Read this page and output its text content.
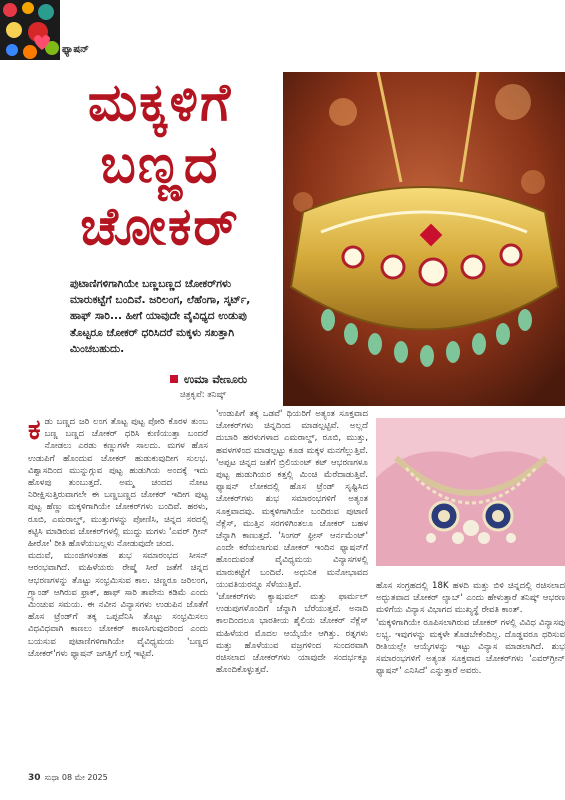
ಫ್ಯಾಷನ್
ಮಕ್ಕಳಿಗೆ
ಬಣ್ಣದ
ಚೋಕರ್
ಪುಟಾಣಿಗಳಿಗಾಗಿಯೇ ಬಣ್ಣಬಣ್ಣದ ಚೋಕರ್‌ಗಳು ಮಾರುಕಟ್ಟೆಗೆ ಬಂದಿವೆ. ಜರಿಲಂಗ, ಲೆಹೆಂಗಾ, ಸ್ಕರ್ಟ್, ಹಾಫ್ ಸಾರಿ... ಹೀಗೆ ಯಾವುದೇ ವೈವಿಧ್ಯದ ಉಡುಪು ತೊಟ್ಟರೂ ಚೋಕರ್ ಧರಿಸಿದರೆ ಮಕ್ಕಳು ಸಖತ್ತಾಗಿ ಮಿಂಚಬಹುದು.
ಉಮಾ ವೇಣೂರು
ಚಿತ್ರಕೃಪೆ: ತನಿಷ್ಕ್

ಕಡು ಬಣ್ಣದ ಜರಿ ಲಂಗ ತೊಟ್ಟ ಪುಟ್ಟ ಪೋರಿ ಕೊರಳ ತುಂಬ ಬಣ್ಣ ಬಣ್ಣದ ಚೋಕರ್ ಧರಿಸಿ ಕುಣಿಯುತ್ತಾ ಬಂದರೆ ನೋಡಲು ಎರಡು ಕಣ್ಣುಗಳೇ ಸಾಲದು. ಮಗಳ ಹೊಸ ಉಡುಪಿಗೆ ಹೊಂದುವ ಚೋಕರ್ ಹುಡುಕುವುದೀಗ ಸುಲಭ. ವಿಶ್ವಾಸದಿಂದ ಮುನ್ನುಗ್ಗುವ ಪುಟ್ಟ ಹುಡುಗಿಯ ಅಂದಕ್ಕೆ ಇದು ಹೊಳಪು ತುಂಬುತ್ತದೆ. ಅಮ್ಮ ಚಂದದ ನೋಟ ನಿರೀಕ್ಷಿಸುತ್ತಿರುವಾಗಲೇ ಈ ಬಣ್ಣಬಣ್ಣದ ಚೋಕರ್ ಇದೀಗ ಪುಟ್ಟ ಪುಟ್ಟ ಹೆಣ್ಣು ಮಕ್ಕಳಿಗಾಗಿಯೇ ಚೋಕರ್‌ಗಳು ಬಂದಿವೆ. ಹರಳು, ರೂಬಿ, ಎಮರಾಲ್ಡ್, ಮುತ್ತುಗಳನ್ನು ಪೋಣಿಸಿ, ಚಿನ್ನದ ಸರದಲ್ಲಿ ಕಟ್ಟಿಸಿ ಮಾಡಿರುವ ಚೋಕರ್‌ಗಳಲ್ಲಿ ಮುದ್ದು ಮಗಳು 'ಎವರ್ ಗ್ರೀನ್ ಹೀರೋ' ರೀತಿ ಹೊಳೆಯಬಲ್ಲಳು ನೋಡುವುದೇ ಚಂದ.

ಮದುವೆ, ಮುಂಜಿಗಳಂತಹ ಶುಭ ಸಮಾರಂಭದ ಸೀಸನ್ ಆರಂಭವಾಗಿದೆ. ಮಹಿಳೆಯರು ರೇಷ್ಮೆ ಸೀರೆ ಜತೆಗೆ ಚಿನ್ನದ ಆಭರಣಗಳನ್ನು ತೊಟ್ಟು ಸಂಭ್ರಮಿಸುವ ಕಾಲ. ಚಿಣ್ಣರೂ ಜರಿಲಂಗ, ಗ್ರ್ಯಾಂಡ್ ಆಗಿರುವ ಫ್ರಾಕ್, ಹಾಫ್ ಸಾರಿ ತಾವೇನು ಕಡಿಮೆ ಎಂದು ಮಿಂಚುವ ಸಮಯ. ಈ ನವೀನ ವಿನ್ಯಾಸಗಳು ಉಡುಪಿನ ಜೊತೆಗೆ ಹೊಸ ಟ್ರೆಂಡ್‌ಗೆ ತಕ್ಕ ಒಪ್ಪವೆನಿಸಿ ತೊಟ್ಟು ಸಂಭ್ರಮಿಸಲು ವಿಧವಿಧವಾಗಿ ಕಾಣಲು ಚೋಕರ್ ಕಾಣಸಿಗುವುದರಿಂದ ಎಂದು ಬಯಸುವ ಪುಟಾಣಿಗಳಿಗಾಗಿಯೇ ವೈವಿಧ್ಯಮಯ 'ಬಣ್ಣದ ಚೋಕರ್'ಗಳು ಫ್ಯಾಷನ್ ಜಗತ್ತಿಗೆ ಲಗ್ಗೆ ಇಟ್ಟಿವೆ.

'ಉಡುಪಿಗೆ ತಕ್ಕ ಒಡವೆ' ಥಿಯರಿಗೆ ಅತ್ಯಂತ ಸೂಕ್ತವಾದ ಚೋಕರ್‌ಗಳು ಚಿನ್ನದಿಂದ ಮಾಡಲ್ಪಟ್ಟಿವೆ. ಅಲ್ಲದೆ ದುಬಾರಿ ಹರಳುಗಳಾದ ಎಮರಾಲ್ಡ್, ರೂಬಿ, ಮುತ್ತು, ಹವಳಗಳಿಂದ ಮಾಡಲ್ಪಟ್ಟು ಕೂಡ ಮಕ್ಕಳ ಮನಗೆಲ್ಲುತ್ತಿವೆ. 'ಅಪ್ಪಟ ಚಿನ್ನದ ಜತೆಗೆ ಬ್ರಿಲಿಯಂಟ್ ಕಟ್ ಆಭರಣಗಳೂ ಪುಟ್ಟ ಹುಡುಗಿಯರ ಕತ್ತಲ್ಲಿ ಮಿಂಚಿ ಮೆರೆದಾಡುತ್ತಿವೆ. ಫ್ಯಾಷನ್ ಲೋಕದಲ್ಲಿ ಹೊಸ ಟ್ರೆಂಡ್ ಸೃಷ್ಟಿಸಿದ ಚೋಕರ್‌ಗಳು ಶುಭ ಸಮಾರಂಭಗಳಿಗೆ ಅತ್ಯಂತ ಸೂಕ್ತವಾದವು. ಮಕ್ಕಳಿಗಾಗಿಯೇ ಬಂದಿರುವ ಪುಟಾಣಿ ನೆಕ್ಲೆಸ್, ಮುತ್ತಿನ ಸರಗಳಿಗಿಂತಲೂ ಚೋಕರ್ ಬಹಳ ಚೆನ್ನಾಗಿ ಕಾಣುತ್ತದೆ. 'ಸಿಂಗರ್ ಫ್ರೀಸ್ ಆರ್ನಮೆಂಟ್' ಎಂದೇ ಕರೆಯಲಾಗುವ ಚೋಕರ್ ಇಂದಿನ ಫ್ಯಾಷನ್‌ಗೆ ಹೊಂದುವಂತೆ ವೈವಿಧ್ಯಮಯ ವಿನ್ಯಾಸಗಳಲ್ಲಿ ಮಾರುಕಟ್ಟೆಗೆ ಬಂದಿವೆ. ಅಧುನಿಕ ಮನೋಭಾವದ ಯುವತಿಯರನ್ನೂ ಸೆಳೆಯುತ್ತಿವೆ.

'ಚೋಕರ್‌ಗಳು ಕ್ಯಾಷುವಲ್ ಮತ್ತು ಫಾರ್ಮಲ್ ಉಡುಪುಗಳೊಂದಿಗೆ ಚೆನ್ನಾಗಿ ಬೆರೆಯುತ್ತವೆ. ಅನಾದಿ ಕಾಲದಿಂದಲೂ ಭಾರತೀಯ ಶೈಲಿಯ ಚೋಕರ್ ನೆಕ್ಲೆಸ್ ಮಹಿಳೆಯರ ಮೊದಲ ಆಯ್ಕೆಯೇ ಆಗಿತ್ತು. ರತ್ನಗಳು ಮತ್ತು ಹೊಳೆಯುವ ವಜ್ರಗಳಿಂದ ಸುಂದರವಾಗಿ ರಚಿಸಲಾದ ಚೋಕರ್‌ಗಳು ಯಾವುದೇ ಸಂದರ್ಭಕ್ಕೂ ಹೊಂದಿಕೊಳ್ಳುತ್ತವೆ.

ಹೊಸ ಸಂಗ್ರಹದಲ್ಲಿ 18K ಹಳದಿ ಮತ್ತು ಬಿಳಿ ಚಿನ್ನದಲ್ಲಿ ರಚಿಸಲಾದ ಅದ್ಭುತವಾದ ಚೋಕರ್ ಲ್ಯಾಬ್' ಎಂದು ಹೇಳುತ್ತಾರೆ ತನಿಷ್ಕ್ ಆಭರಣ ಮಳಿಗೆಯ ವಿನ್ಯಾಸ ವಿಭಾಗದ ಮುಖ್ಯಸ್ಥೆ ರೇವತಿ ಕಾಂತ್.

'ಮಕ್ಕಳಿಗಾಗಿಯೇ ರೂಪಿಸಲಾಗಿರುವ ಚೋಕರ್ ಗಳಲ್ಲಿ ವಿವಿಧ ವಿನ್ಯಾಸವು ಲಭ್ಯ. ಇವುಗಳನ್ನು ಮಕ್ಕಳೇ ತೊಡಬೇಕೆಂದಿಲ್ಲ. ದೊಡ್ಡವರೂ ಧರಿಸುವ ರೀತಿಯಲ್ಲೇ ಆಯ್ಕೆಗಳನ್ನು ಇಟ್ಟು ವಿನ್ಯಾಸ ಮಾಡಲಾಗಿದೆ. ಶುಭ ಸಮಾರಂಭಗಳಿಗೆ ಅತ್ಯಂತ ಸೂಕ್ತವಾದ ಚೋಕರ್‌ಗಳು 'ಎವರ್‌ಗ್ರೀನ್ ಫ್ಯಾಷನ್' ಎನಿಸಿದೆ' ಎನ್ನುತ್ತಾರೆ ಅವರು.

30 ಸುಧಾ 08 ಮೇ 2025
